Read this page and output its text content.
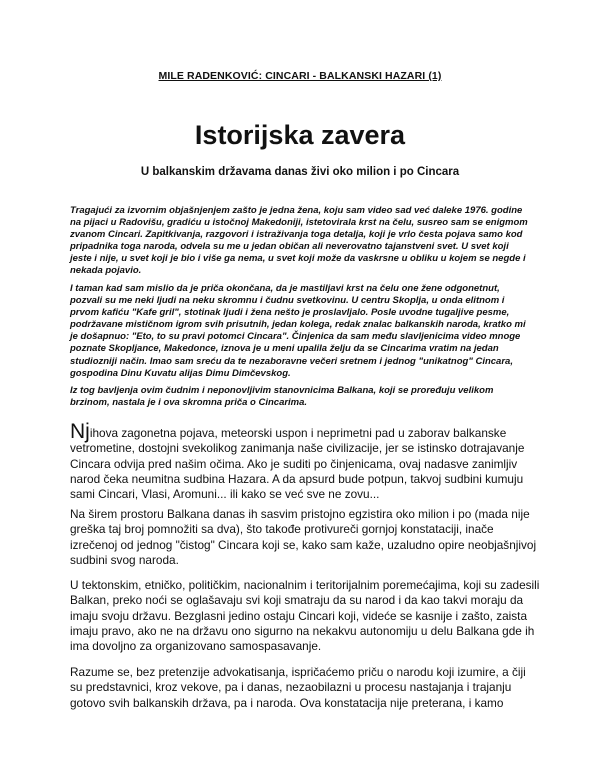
MILE RADENKOVIĆ: CINCARI - BALKANSKI HAZARI (1)
Istorijska zavera
U balkanskim državama danas živi oko milion i po Cincara

Tragajući za izvornim objašnjenjem zašto je jedna žena, koju sam video sad već daleke 1976. godine na pijaci u Radovišu, gradiću u istočnoj Makedoniji, istetovirala krst na čelu, susreo sam se enigmom zvanom Cincari. Zapitkivanja, razgovori i istraživanja toga detalja, koji je vrlo česta pojava samo kod pripadnika toga naroda, odvela su me u jedan običan ali neverovatno tajanstveni svet. U svet koji jeste i nije, u svet koji je bio i više ga nema, u svet koji može da vaskrsne u obliku u kojem se negde i nekada pojavio.

I taman kad sam mislio da je priča okončana, da je mastiljavi krst na čelu one žene odgonetnut, pozvali su me neki ljudi na neku skromnu i čudnu svetkovinu. U centru Skoplja, u onda elitnom i prvom kafiću "Kafe gril", stotinak ljudi i žena nešto je proslavljalo. Posle uvodne tugaljive pesme, podržavane mističnom igrom svih prisutnih, jedan kolega, redak znalac balkanskih naroda, kratko mi je došapnuo: "Eto, to su pravi potomci Cincara". Činjenica da sam među slavljenicima video mnoge poznate Skopljance, Makedonce, iznova je u meni upalila želju da se Cincarima vratim na jedan studiozniji način. Imao sam sreću da te nezaboravne večeri sretnem i jednog "unikatnog" Cincara, gospodina Dinu Kuvatu alijas Dimu Dimčevskog.

Iz tog bavljenja ovim čudnim i neponovljivim stanovnicima Balkana, koji se proređuju velikom brzinom, nastala je i ova skromna priča o Cincarima.

Njihova zagonetna pojava, meteorski uspon i neprimetni pad u zaborav balkanske vetrometine, dostojni svekolikog zanimanja naše civilizacije, jer se istinsko dotrajavanje Cincara odvija pred našim očima. Ako je suditi po činjenicama, ovaj nadasve zanimljiv narod čeka neumitna sudbina Hazara. A da apsurd bude potpun, takvoj sudbini kumuju sami Cincari, Vlasi, Aromuni... ili kako se već sve ne zovu...

Na širem prostoru Balkana danas ih sasvim pristojno egzistira oko milion i po (mada nije greška taj broj pomnožiti sa dva), što takođe protivureči gornjoj konstataciji, inače izrečenoj od jednog "čistog" Cincara koji se, kako sam kaže, uzaludno opire neobjašnjivoj sudbini svog naroda.

U tektonskim, etničko, političkim, nacionalnim i teritorijalnim poremećajima, koji su zadesili Balkan, preko noći se oglašavaju svi koji smatraju da su narod i da kao takvi moraju da imaju svoju državu. Bezglasni jedino ostaju Cincari koji, videće se kasnije i zašto, zaista imaju pravo, ako ne na državu ono sigurno na nekakvu autonomiju u delu Balkana gde ih ima dovoljno za organizovano samospasavanje.

Razume se, bez pretenzije advokatisanja, ispričaćemo priču o narodu koji izumire, a čiji su predstavnici, kroz vekove, pa i danas, nezaobilazni u procesu nastajanja i trajanju gotovo svih balkanskih država, pa i naroda. Ova konstatacija nije preterana, i kamo
